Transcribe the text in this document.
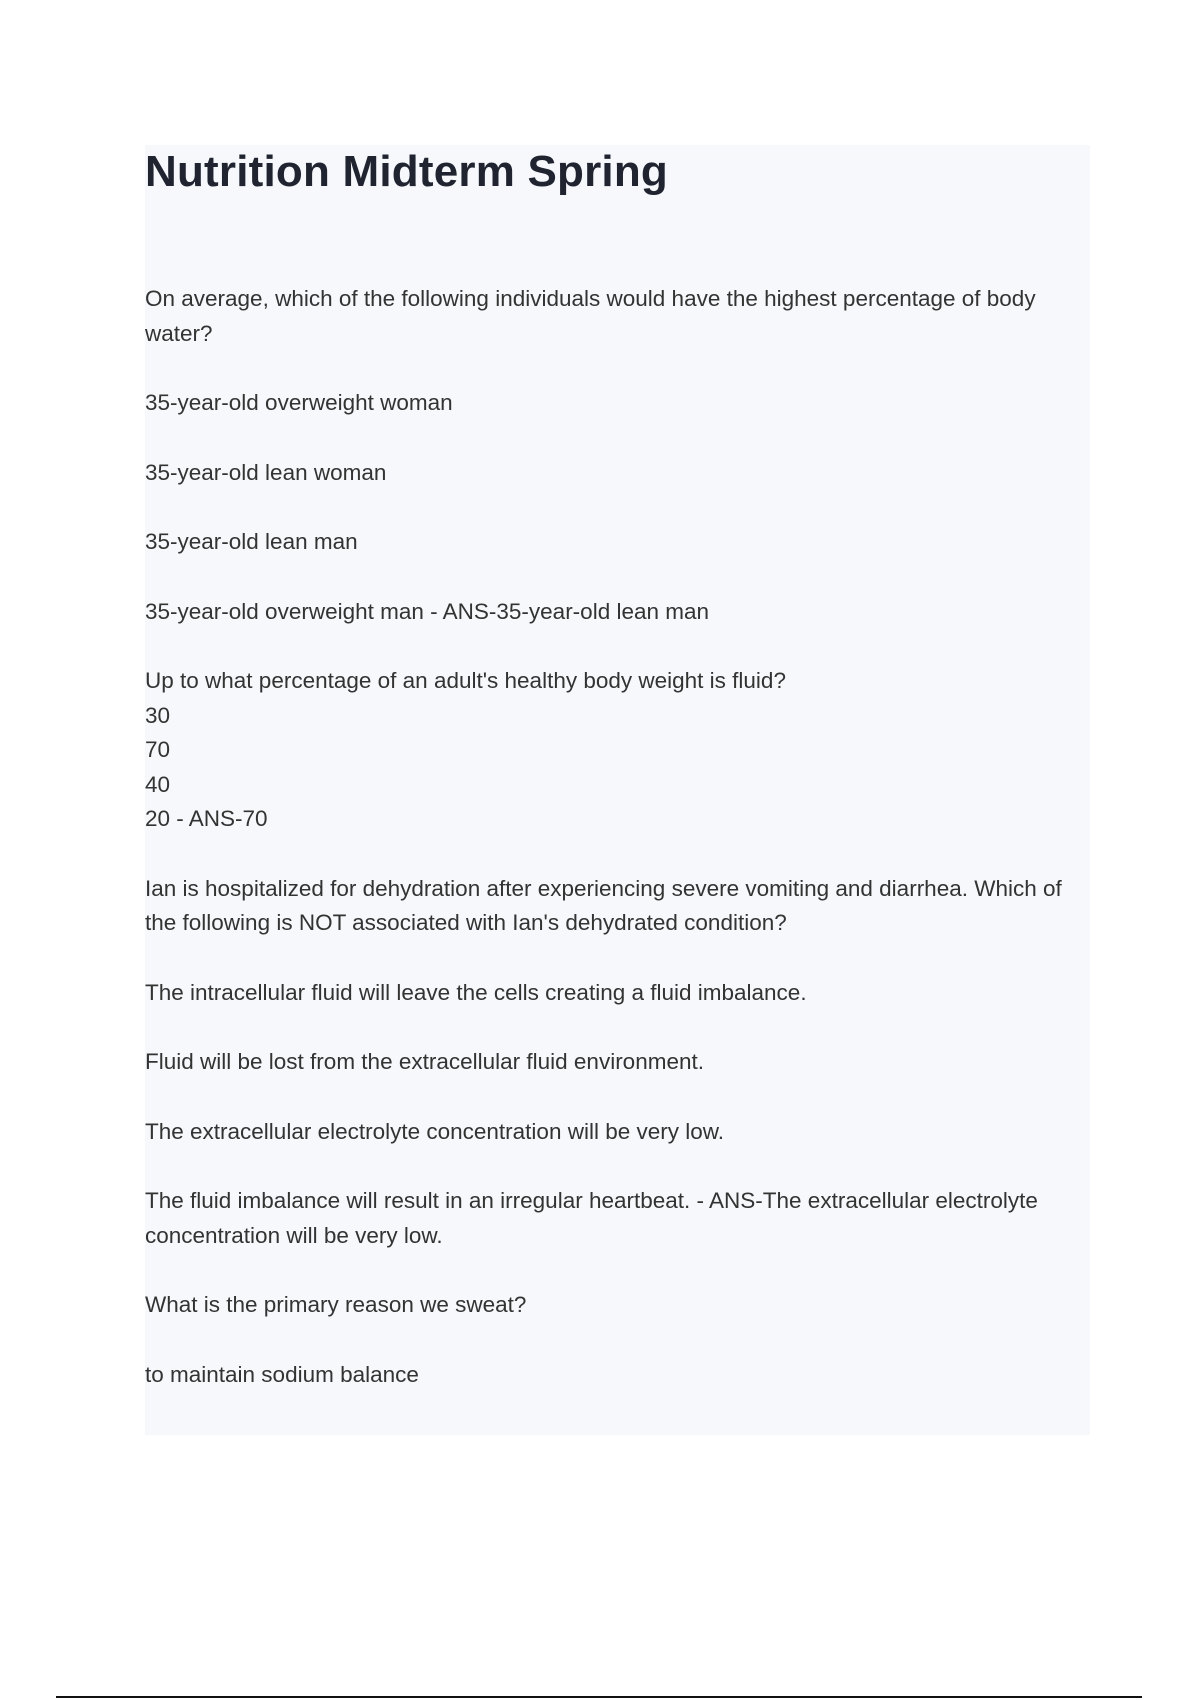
Nutrition Midterm Spring

On average, which of the following individuals would have the highest percentage of body water?

35-year-old overweight woman

35-year-old lean woman

35-year-old lean man

35-year-old overweight man - ANS-35-year-old lean man

Up to what percentage of an adult's healthy body weight is fluid?

30

70

40

20 - ANS-70

Ian is hospitalized for dehydration after experiencing severe vomiting and diarrhea. Which of the following is NOT associated with Ian's dehydrated condition?

The intracellular fluid will leave the cells creating a fluid imbalance.

Fluid will be lost from the extracellular fluid environment.

The extracellular electrolyte concentration will be very low.

The fluid imbalance will result in an irregular heartbeat. - ANS-The extracellular electrolyte concentration will be very low.

What is the primary reason we sweat?

to maintain sodium balance
